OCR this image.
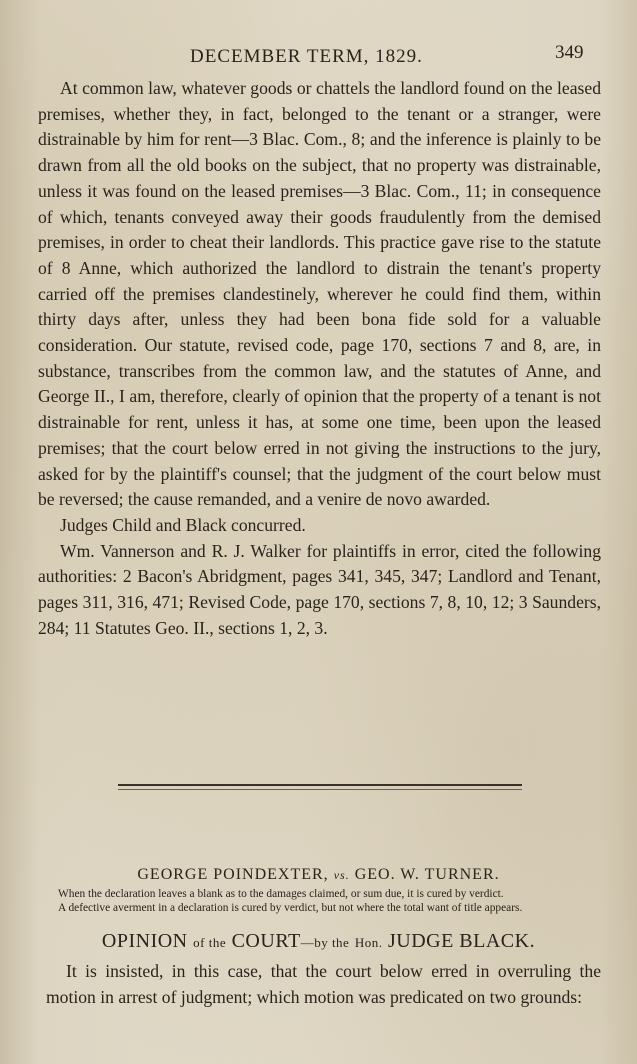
DECEMBER TERM, 1829.	349

At common law, whatever goods or chattels the landlord found on the leased premises, whether they, in fact, belonged to the tenant or a stranger, were distrainable by him for rent—3 Blac. Com., 8; and the inference is plainly to be drawn from all the old books on the subject, that no property was distrainable, unless it was found on the leased premises—3 Blac. Com., 11; in consequence of which, tenants conveyed away their goods fraudulently from the demised premises, in order to cheat their landlords. This practice gave rise to the statute of 8 Anne, which authorized the landlord to distrain the tenant's property carried off the premises clandestinely, wherever he could find them, within thirty days after, unless they had been bona fide sold for a valuable consideration. Our statute, revised code, page 170, sections 7 and 8, are, in substance, transcribes from the common law, and the statutes of Anne, and George II., I am, therefore, clearly of opinion that the property of a tenant is not distrainable for rent, unless it has, at some one time, been upon the leased premises; that the court below erred in not giving the instructions to the jury, asked for by the plaintiff's counsel; that the judgment of the court below must be reversed; the cause remanded, and a venire de novo awarded.

Judges Child and Black concurred.

Wm. Vannerson and R. J. Walker for plaintiffs in error, cited the following authorities: 2 Bacon's Abridgment, pages 341, 345, 347; Landlord and Tenant, pages 311, 316, 471; Revised Code, page 170, sections 7, 8, 10, 12; 3 Saunders, 284; 11 Statutes Geo. II., sections 1, 2, 3.

GEORGE POINDEXTER, vs. GEO. W. TURNER.

When the declaration leaves a blank as to the damages claimed, or sum due, it is cured by verdict.

A defective averment in a declaration is cured by verdict, but not where the total want of title appears.

OPINION of the COURT—by the Hon. JUDGE BLACK.

It is insisted, in this case, that the court below erred in overruling the motion in arrest of judgment; which motion was predicated on two grounds:
